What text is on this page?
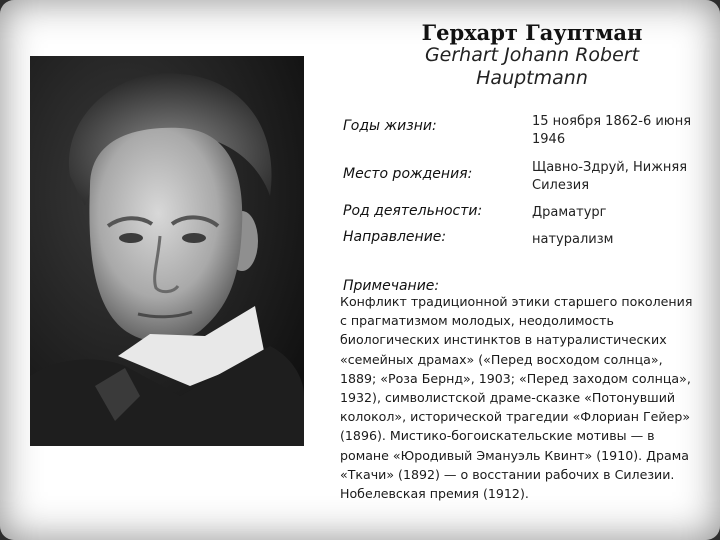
Герхарт Гауптман
Gerhart Johann Robert Hauptmann
Годы жизни:	15 ноября 1862-6 июня 1946
Место рождения:	Щавно-Здруй, Нижняя Силезия
Род деятельности:	Драматург
Направление:	натурализм
Примечание:
Конфликт традиционной этики старшего поколения с прагматизмом молодых, неодолимость биологических инстинктов в натуралистических «семейных драмах» («Перед восходом солнца», 1889; «Роза Бернд», 1903; «Перед заходом солнца», 1932), символистской драме-сказке «Потонувший колокол», исторической трагедии «Флориан Гейер» (1896). Мистико-богоискательские мотивы — в романе «Юродивый Эмануэль Квинт» (1910). Драма «Ткачи» (1892) — о восстании рабочих в Силезии. Нобелевская премия (1912).
